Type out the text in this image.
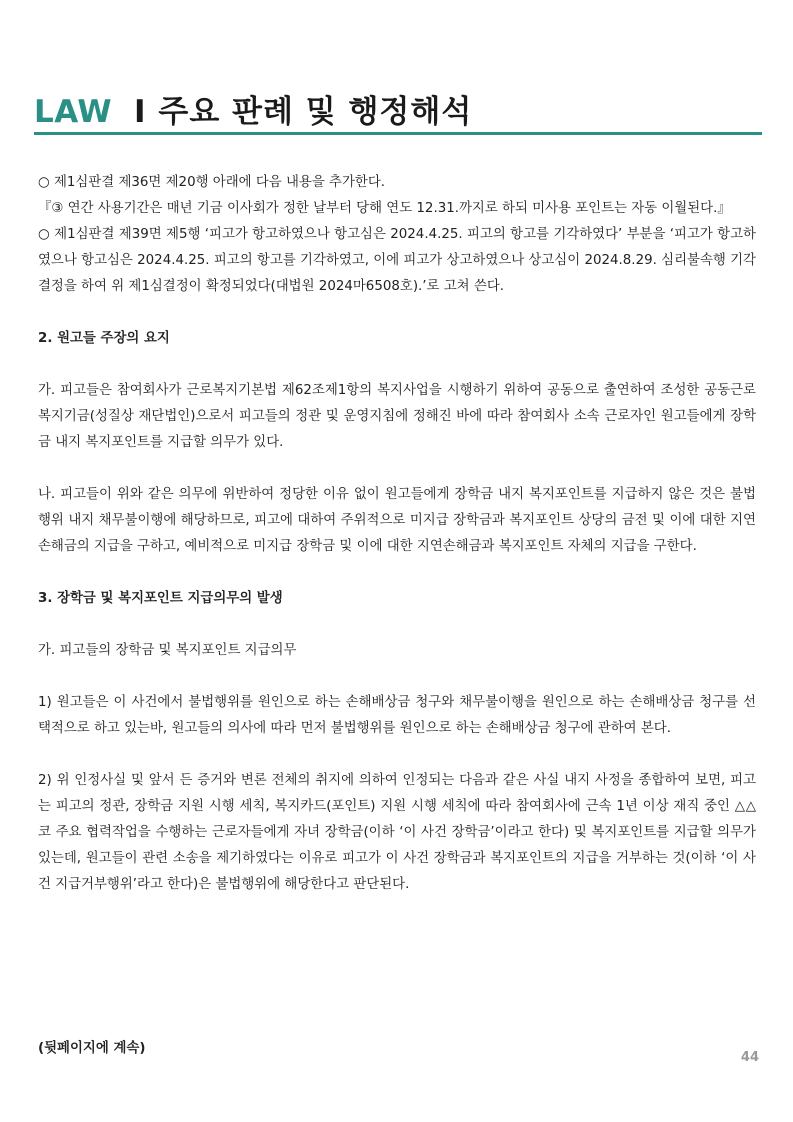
LAW I 주요 판례 및 행정해석

○ 제1심판결 제36면 제20행 아래에 다음 내용을 추가한다.

『③ 연간 사용기간은 매년 기금 이사회가 정한 날부터 당해 연도 12.31.까지로 하되 미사용 포인트는 자동 이월된다.』

○ 제1심판결 제39면 제5행 ‘피고가 항고하였으나 항고심은 2024.4.25. 피고의 항고를 기각하였다’ 부분을 ‘피고가 항고하였으나 항고심은 2024.4.25. 피고의 항고를 기각하였고, 이에 피고가 상고하였으나 상고심이 2024.8.29. 심리불속행 기각 결정을 하여 위 제1심결정이 확정되었다(대법원 2024마6508호).’로 고쳐 쓴다.

2. 원고들 주장의 요지

가. 피고들은 참여회사가 근로복지기본법 제62조제1항의 복지사업을 시행하기 위하여 공동으로 출연하여 조성한 공동근로복지기금(성질상 재단법인)으로서 피고들의 정관 및 운영지침에 정해진 바에 따라 참여회사 소속 근로자인 원고들에게 장학금 내지 복지포인트를 지급할 의무가 있다.

나. 피고들이 위와 같은 의무에 위반하여 정당한 이유 없이 원고들에게 장학금 내지 복지포인트를 지급하지 않은 것은 불법행위 내지 채무불이행에 해당하므로, 피고에 대하여 주위적으로 미지급 장학금과 복지포인트 상당의 금전 및 이에 대한 지연손해금의 지급을 구하고, 예비적으로 미지급 장학금 및 이에 대한 지연손해금과 복지포인트 자체의 지급을 구한다.

3. 장학금 및 복지포인트 지급의무의 발생

가. 피고들의 장학금 및 복지포인트 지급의무

1) 원고들은 이 사건에서 불법행위를 원인으로 하는 손해배상금 청구와 채무불이행을 원인으로 하는 손해배상금 청구를 선택적으로 하고 있는바, 원고들의 의사에 따라 먼저 불법행위를 원인으로 하는 손해배상금 청구에 관하여 본다.

2) 위 인정사실 및 앞서 든 증거와 변론 전체의 취지에 의하여 인정되는 다음과 같은 사실 내지 사정을 종합하여 보면, 피고는 피고의 정관, 장학금 지원 시행 세칙, 복지카드(포인트) 지원 시행 세칙에 따라 참여회사에 근속 1년 이상 재직 중인 △△코 주요 협력작업을 수행하는 근로자들에게 자녀 장학금(이하 ‘이 사건 장학금’이라고 한다) 및 복지포인트를 지급할 의무가 있는데, 원고들이 관련 소송을 제기하였다는 이유로 피고가 이 사건 장학금과 복지포인트의 지급을 거부하는 것(이하 ‘이 사건 지급거부행위’라고 한다)은 불법행위에 해당한다고 판단된다.

(뒷페이지에 계속)
44
